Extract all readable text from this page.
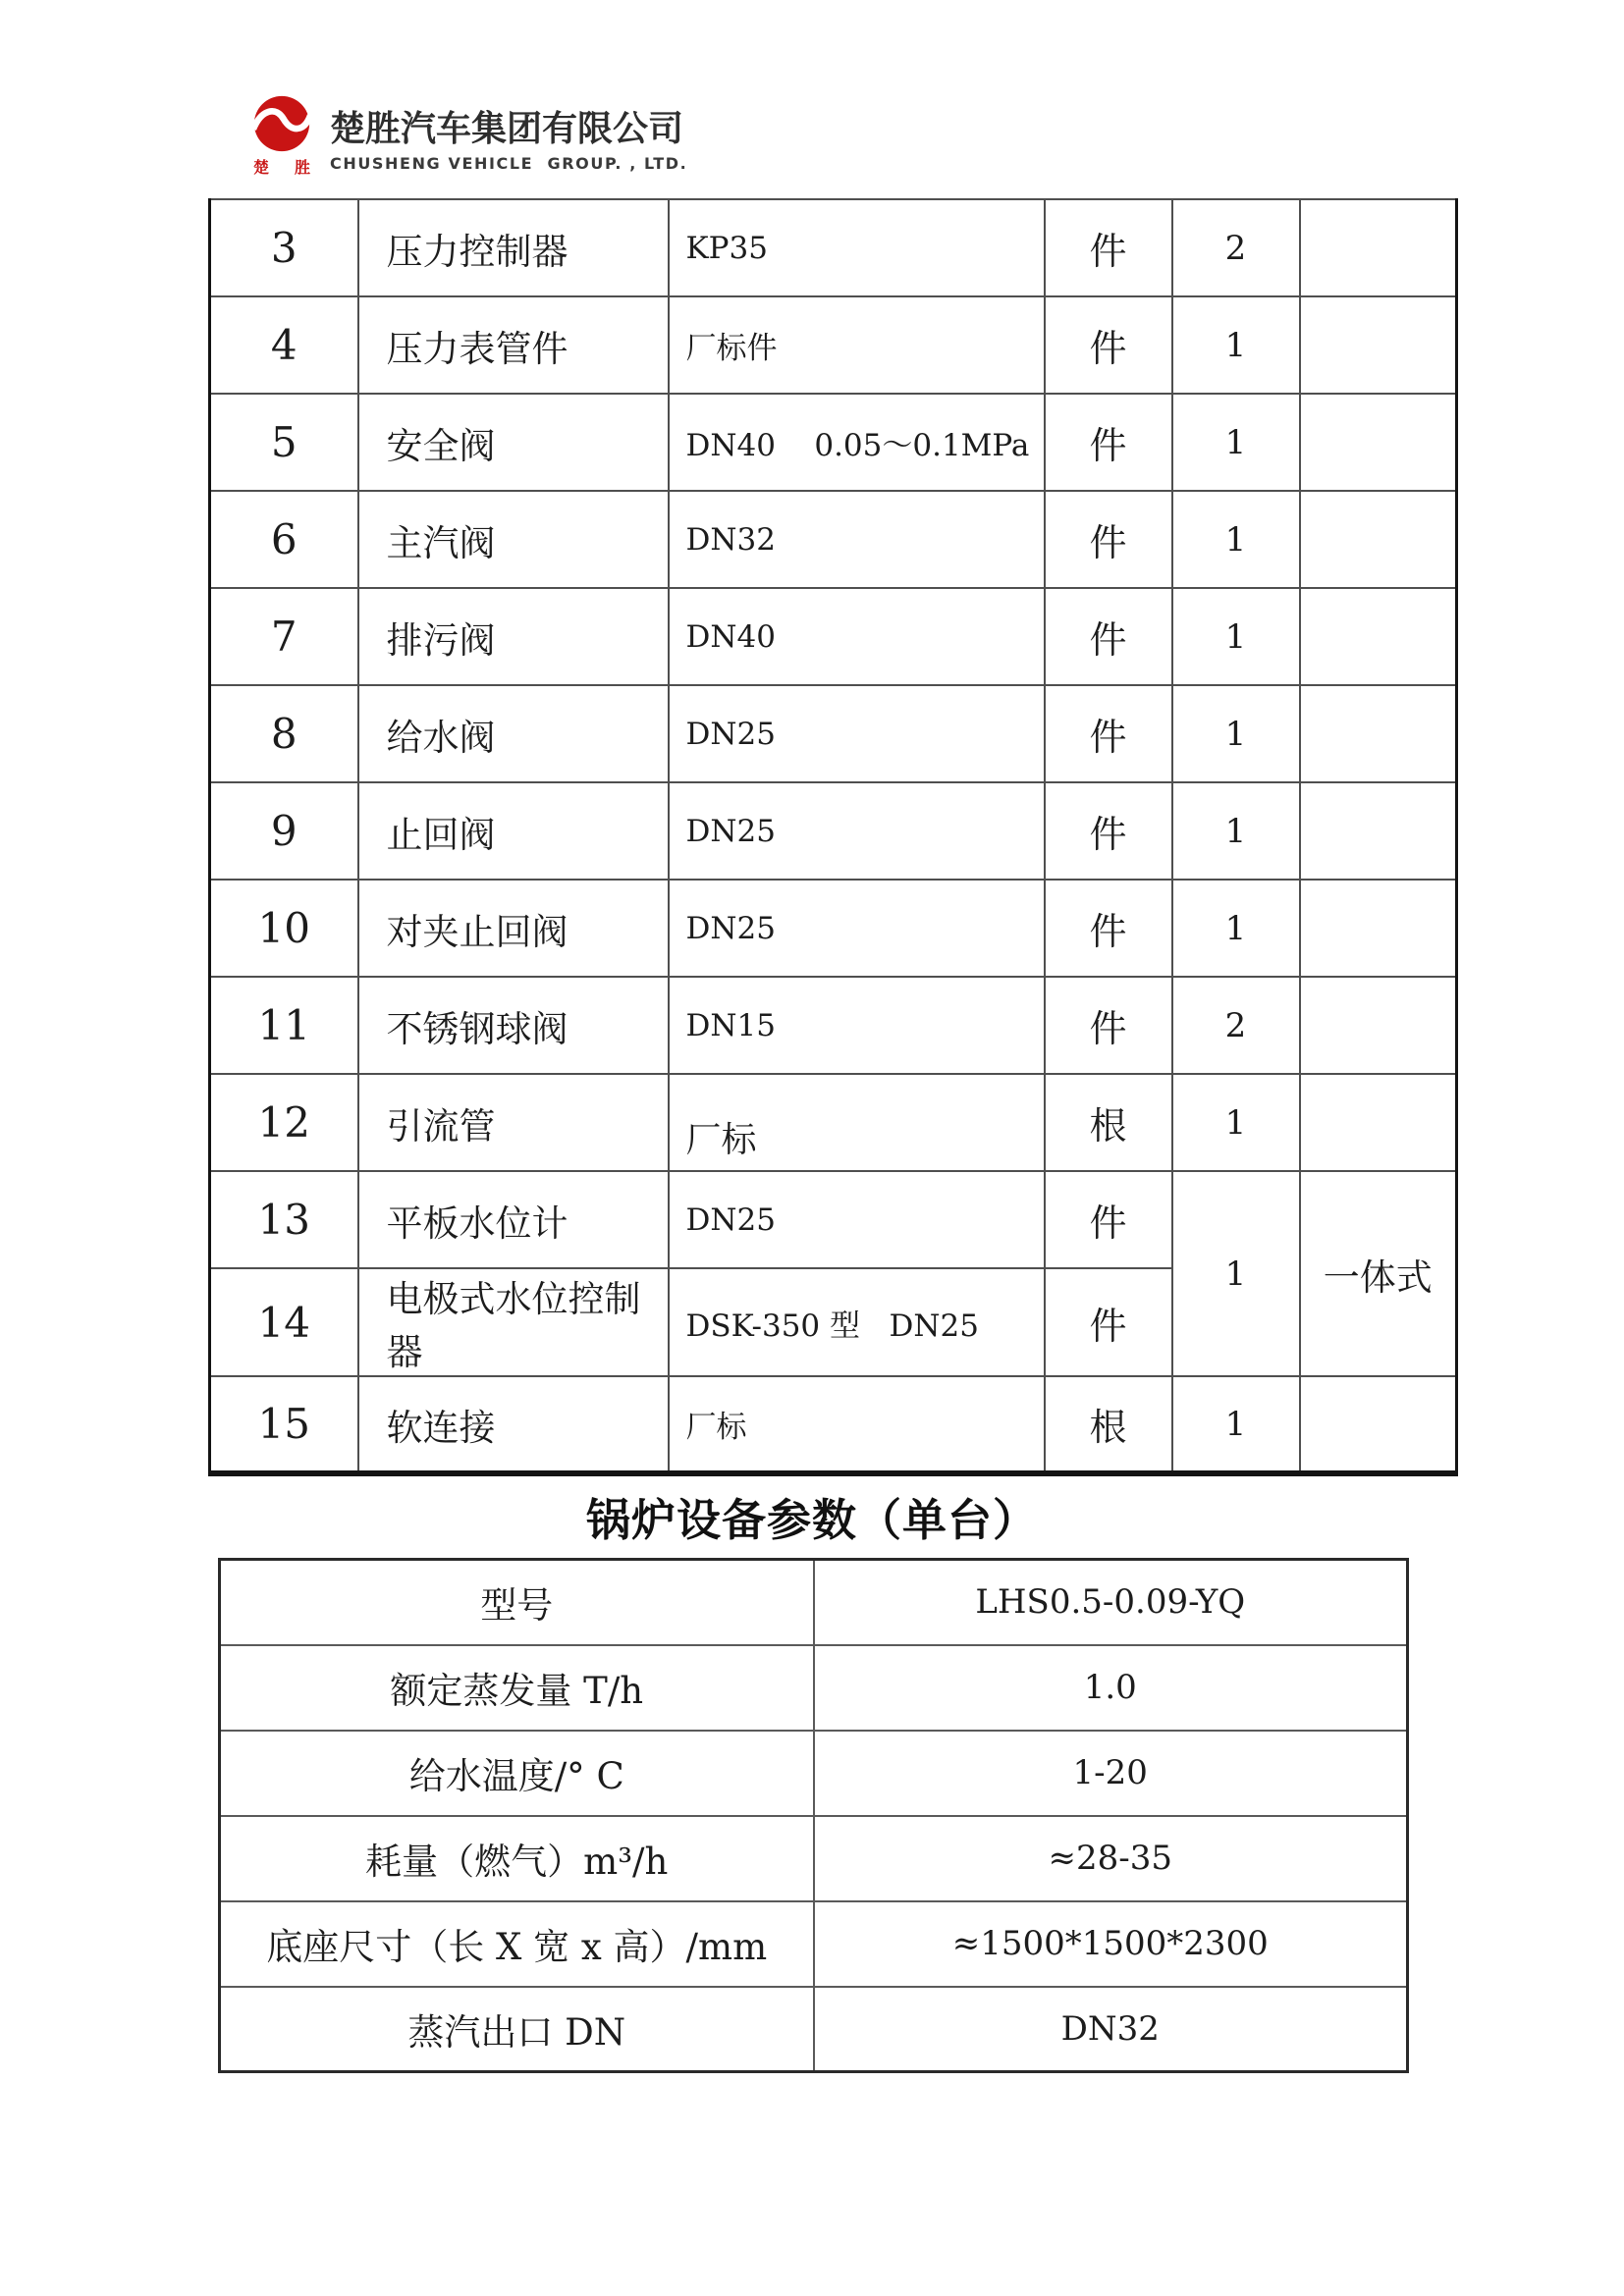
楚 胜
楚胜汽车集团有限公司
CHUSHENG VEHICLE  GROUP. , LTD.
3	压力控制器	KP35	件	2	
4	压力表管件	厂标件	件	1	
5	安全阀	DN40    0.05～0.1MPa	件	1	
6	主汽阀	DN32	件	1	
7	排污阀	DN40	件	1	
8	给水阀	DN25	件	1	
9	止回阀	DN25	件	1	
10	对夹止回阀	DN25	件	1	
11	不锈钢球阀	DN15	件	2	
12	引流管	厂标	根	1	
13	平板水位计	DN25	件	1	一体式
14	电极式水位控制器	DSK-350 型   DN25	件		
15	软连接	厂标	根	1	
锅炉设备参数（单台）
型号	LHS0.5-0.09-YQ
额定蒸发量 T/h	1.0
给水温度/° C	1-20
耗量（燃气）m³/h	≈28-35
底座尺寸（长 X 宽 x 高）/mm	≈1500*1500*2300
蒸汽出口 DN	DN32
